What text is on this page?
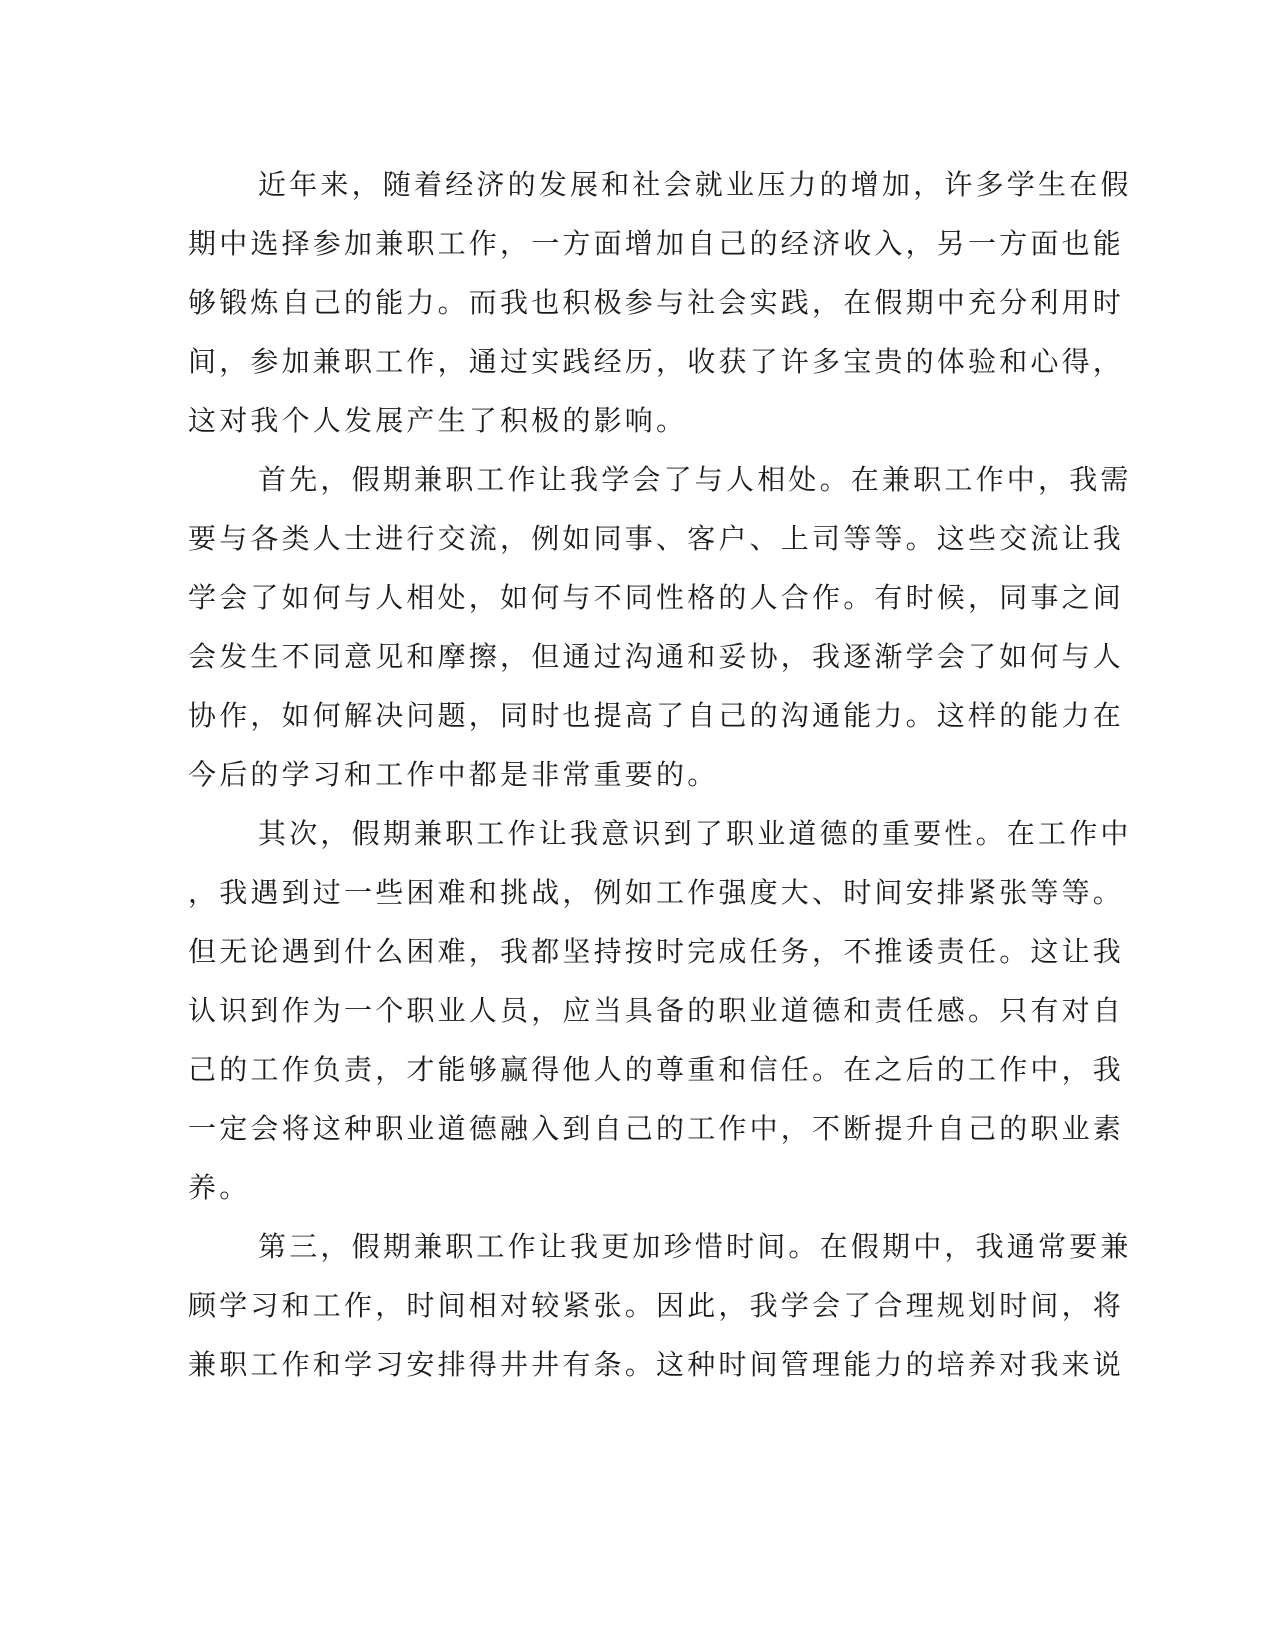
近年来，随着经济的发展和社会就业压力的增加，许多学生在假
期中选择参加兼职工作，一方面增加自己的经济收入，另一方面也能
够锻炼自己的能力。而我也积极参与社会实践，在假期中充分利用时
间，参加兼职工作，通过实践经历，收获了许多宝贵的体验和心得，
这对我个人发展产生了积极的影响。
首先，假期兼职工作让我学会了与人相处。在兼职工作中，我需
要与各类人士进行交流，例如同事、客户、上司等等。这些交流让我
学会了如何与人相处，如何与不同性格的人合作。有时候，同事之间
会发生不同意见和摩擦，但通过沟通和妥协，我逐渐学会了如何与人
协作，如何解决问题，同时也提高了自己的沟通能力。这样的能力在
今后的学习和工作中都是非常重要的。
其次，假期兼职工作让我意识到了职业道德的重要性。在工作中
，我遇到过一些困难和挑战，例如工作强度大、时间安排紧张等等。
但无论遇到什么困难，我都坚持按时完成任务，不推诿责任。这让我
认识到作为一个职业人员，应当具备的职业道德和责任感。只有对自
己的工作负责，才能够赢得他人的尊重和信任。在之后的工作中，我
一定会将这种职业道德融入到自己的工作中，不断提升自己的职业素
养。
第三，假期兼职工作让我更加珍惜时间。在假期中，我通常要兼
顾学习和工作，时间相对较紧张。因此，我学会了合理规划时间，将
兼职工作和学习安排得井井有条。这种时间管理能力的培养对我来说
